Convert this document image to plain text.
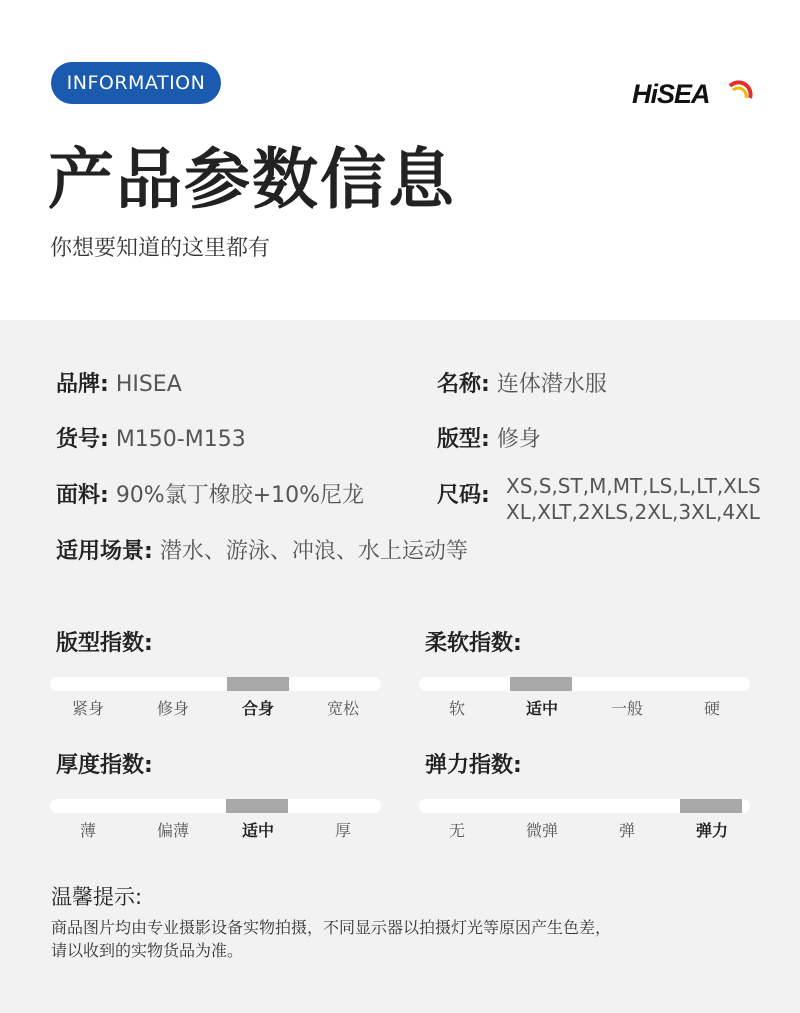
INFORMATION	HiSEA
产品参数信息
你想要知道的这里都有
品牌: HISEA	名称: 连体潜水服
货号: M150-M153	版型: 修身
面料: 90%氯丁橡胶+10%尼龙	尺码: XS,S,ST,M,MT,LS,L,LT,XLS
XL,XLT,2XLS,2XL,3XL,4XL
适用场景: 潜水、游泳、冲浪、水上运动等
版型指数:
紧身	修身	合身	宽松
柔软指数:
软	适中	一般	硬
厚度指数:
薄	偏薄	适中	厚
弹力指数:
无	微弹	弹	弹力
温馨提示:
商品图片均由专业摄影设备实物拍摄，不同显示器以拍摄灯光等原因产生色差，
请以收到的实物货品为准。
